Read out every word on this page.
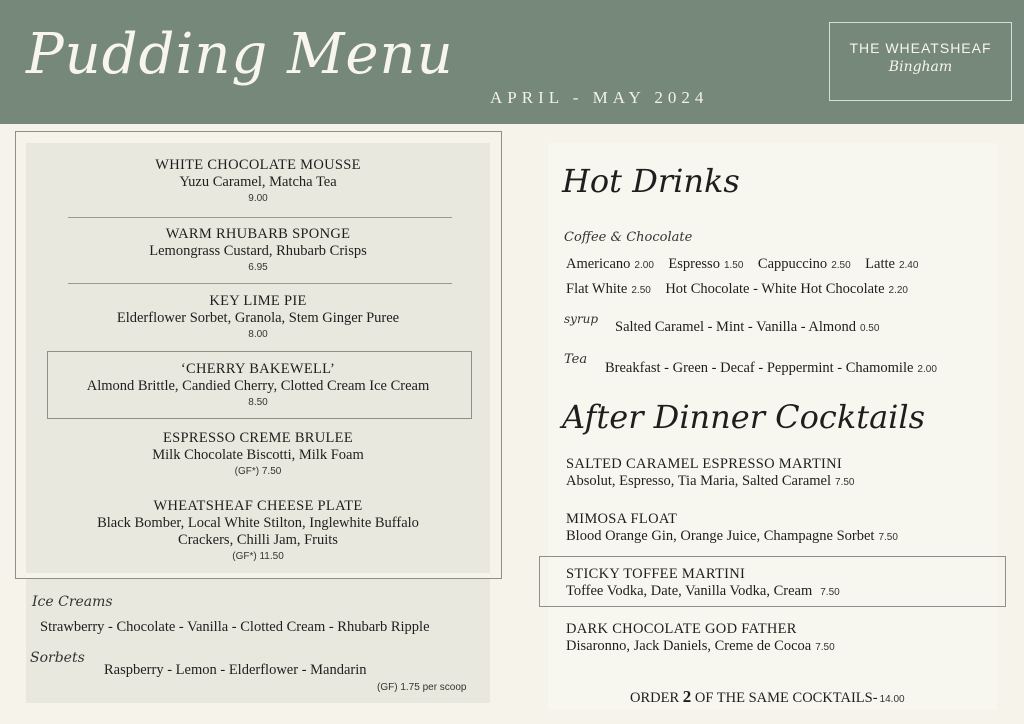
Pudding Menu
APRIL - MAY 2024
THE WHEATSHEAF
Bingham
WHITE CHOCOLATE MOUSSE
Yuzu Caramel, Matcha Tea
9.00
WARM RHUBARB SPONGE
Lemongrass Custard, Rhubarb Crisps
6.95
KEY LIME PIE
Elderflower Sorbet, Granola, Stem Ginger Puree
8.00
‘CHERRY BAKEWELL’
Almond Brittle, Candied Cherry, Clotted Cream Ice Cream
8.50
ESPRESSO CREME BRULEE
Milk Chocolate Biscotti, Milk Foam
(GF*) 7.50
WHEATSHEAF CHEESE PLATE
Black Bomber, Local White Stilton, Inglewhite Buffalo
Crackers, Chilli Jam, Fruits
(GF*) 11.50
Ice Creams
Strawberry - Chocolate - Vanilla - Clotted Cream - Rhubarb Ripple
Sorbets
Raspberry - Lemon - Elderflower - Mandarin
(GF) 1.75 per scoop
Hot Drinks
Coffee & Chocolate
Americano 2.00 Espresso 1.50 Cappuccino 2.50 Latte 2.40
Flat White 2.50 Hot Chocolate - White Hot Chocolate 2.20
syrup Salted Caramel - Mint - Vanilla - Almond 0.50
Tea
Breakfast - Green - Decaf - Peppermint - Chamomile 2.00
After Dinner Cocktails
SALTED CARAMEL ESPRESSO MARTINI
Absolut, Espresso, Tia Maria, Salted Caramel 7.50
MIMOSA FLOAT
Blood Orange Gin, Orange Juice, Champagne Sorbet 7.50
STICKY TOFFEE MARTINI
Toffee Vodka, Date, Vanilla Vodka, Cream 7.50
DARK CHOCOLATE GOD FATHER
Disaronno, Jack Daniels, Creme de Cocoa 7.50
ORDER 2 OF THE SAME COCKTAILS- 14.00
